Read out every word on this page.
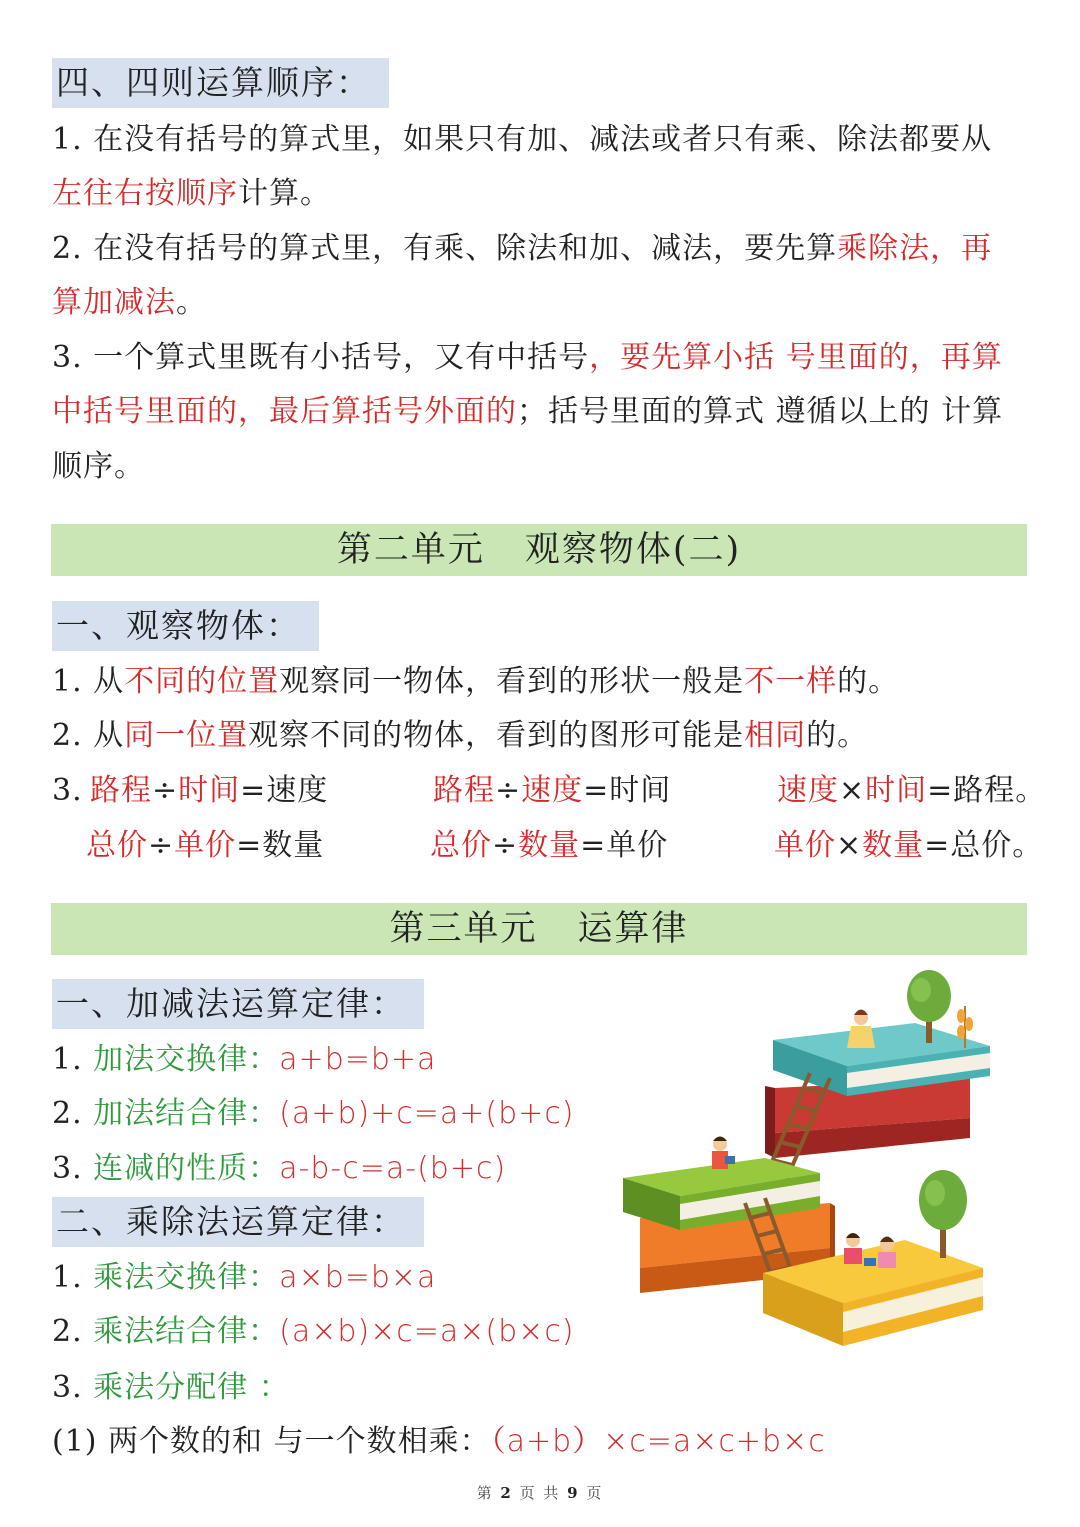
四、四则运算顺序：
1. 在没有括号的算式里，如果只有加、减法或者只有乘、除法都要从
左往右按顺序计算。
2. 在没有括号的算式里，有乘、除法和加、减法，要先算乘除法，再
算加减法。
3. 一个算式里既有小括号，又有中括号，要先算小括 号里面的，再算
中括号里面的，最后算括号外面的；括号里面的算式 遵循以上的 计算
顺序。
第二单元 观察物体(二)
一、观察物体：
1. 从不同的位置观察同一物体，看到的形状一般是不一样的。
2. 从同一位置观察不同的物体，看到的图形可能是相同的。
3. 路程÷时间=速度	路程÷速度=时间	速度×时间=路程。
总价÷单价=数量	总价÷数量=单价	单价×数量=总价。
第三单元 运算律
一、加减法运算定律：
1. 加法交换律：a+b=b+a
2. 加法结合律：(a+b)+c=a+(b+c)
3. 连减的性质：a-b-c=a-(b+c)
二、乘除法运算定律：
1. 乘法交换律：a×b=b×a
2. 乘法结合律：(a×b)×c=a×(b×c)
3. 乘法分配律 ：
(1) 两个数的和 与一个数相乘：（a+b）×c=a×c+b×c
第 2 页 共 9 页
